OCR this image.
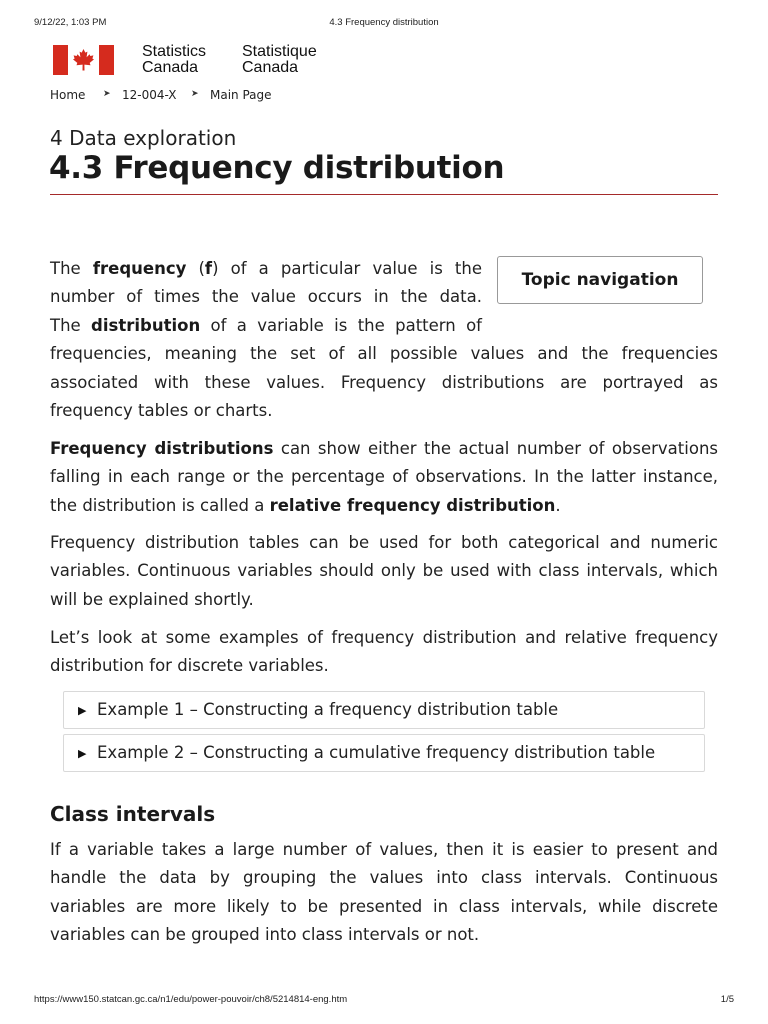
9/12/22, 1:03 PM	4.3 Frequency distribution
Statistics
Canada
Statistique
Canada
Home ➤ 12-004-X ➤ Main Page
4 Data exploration
4.3 Frequency distribution
Topic navigation
The frequency (f) of a particular value is the
number of times the value occurs in the data.
The distribution of a variable is the pattern of
frequencies, meaning the set of all possible values and the frequencies
associated with these values. Frequency distributions are portrayed as
frequency tables or charts.
Frequency distributions can show either the actual number of observations
falling in each range or the percentage of observations. In the latter instance,
the distribution is called a relative frequency distribution.
Frequency distribution tables can be used for both categorical and numeric
variables. Continuous variables should only be used with class intervals, which
will be explained shortly.
Let’s look at some examples of frequency distribution and relative frequency
distribution for discrete variables.
▶ Example 1 – Constructing a frequency distribution table
▶ Example 2 – Constructing a cumulative frequency distribution table
Class intervals
If a variable takes a large number of values, then it is easier to present and
handle the data by grouping the values into class intervals. Continuous
variables are more likely to be presented in class intervals, while discrete
variables can be grouped into class intervals or not.
https://www150.statcan.gc.ca/n1/edu/power-pouvoir/ch8/5214814-eng.htm	1/5
